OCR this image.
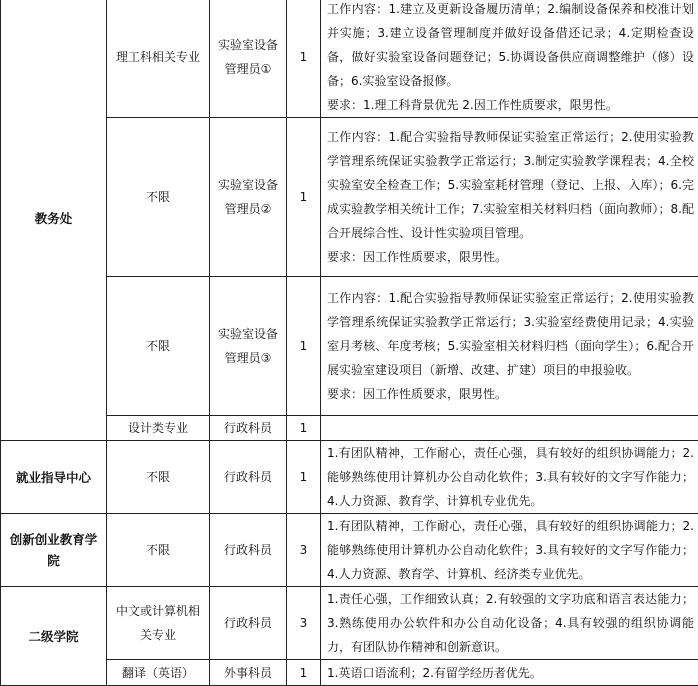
教务处	理工科相关专业	实验室设备管理员①	1	工作内容：1.建立及更新设备履历清单；2.编制设备保养和校准计划并实施；3.建立设备管理制度并做好设备借还记录；4.定期检查设备，做好实验室设备问题登记；5.协调设备供应商调整维护（修）设备；6.实验室设备报修。
要求：1.理工科背景优先 2.因工作性质要求，限男性。

	不限	实验室设备管理员②	1	工作内容：1.配合实验指导教师保证实验室正常运行；2.使用实验教学管理系统保证实验教学正常运行；3.制定实验教学课程表；4.全校实验室安全检查工作；5.实验室耗材管理（登记、上报、入库）；6.完成实验教学相关统计工作；7.实验室相关材料归档（面向教师）；8.配合开展综合性、设计性实验项目管理。
要求：因工作性质要求，限男性。

	不限	实验室设备管理员③	1	工作内容：1.配合实验指导教师保证实验室正常运行；2.使用实验教学管理系统保证实验教学正常运行；3.实验室经费使用记录；4.实验室月考核、年度考核；5.实验室相关材料归档（面向学生）；6.配合开展实验室建设项目（新增、改建、扩建）项目的申报验收。
要求：因工作性质要求，限男性。

	设计类专业	行政科员	1	
就业指导中心	不限	行政科员	1	1.有团队精神，工作耐心，责任心强，具有较好的组织协调能力；2.能够熟练使用计算机办公自动化软件；3.具有较好的文字写作能力；4.人力资源、教育学、计算机专业优先。
创新创业教育学院	不限	行政科员	3	1.有团队精神，工作耐心，责任心强，具有较好的组织协调能力；2.能够熟练使用计算机办公自动化软件；3.具有较好的文字写作能力；4.人力资源、教育学、计算机、经济类专业优先。
二级学院	中文或计算机相关专业	行政科员	3	1.责任心强，工作细致认真；2.有较强的文字功底和语言表达能力；3.熟练使用办公软件和办公自动化设备；4.具有较强的组织协调能力，有团队协作精神和创新意识。
	翻译（英语）	外事科员	1	1.英语口语流利；2.有留学经历者优先。
